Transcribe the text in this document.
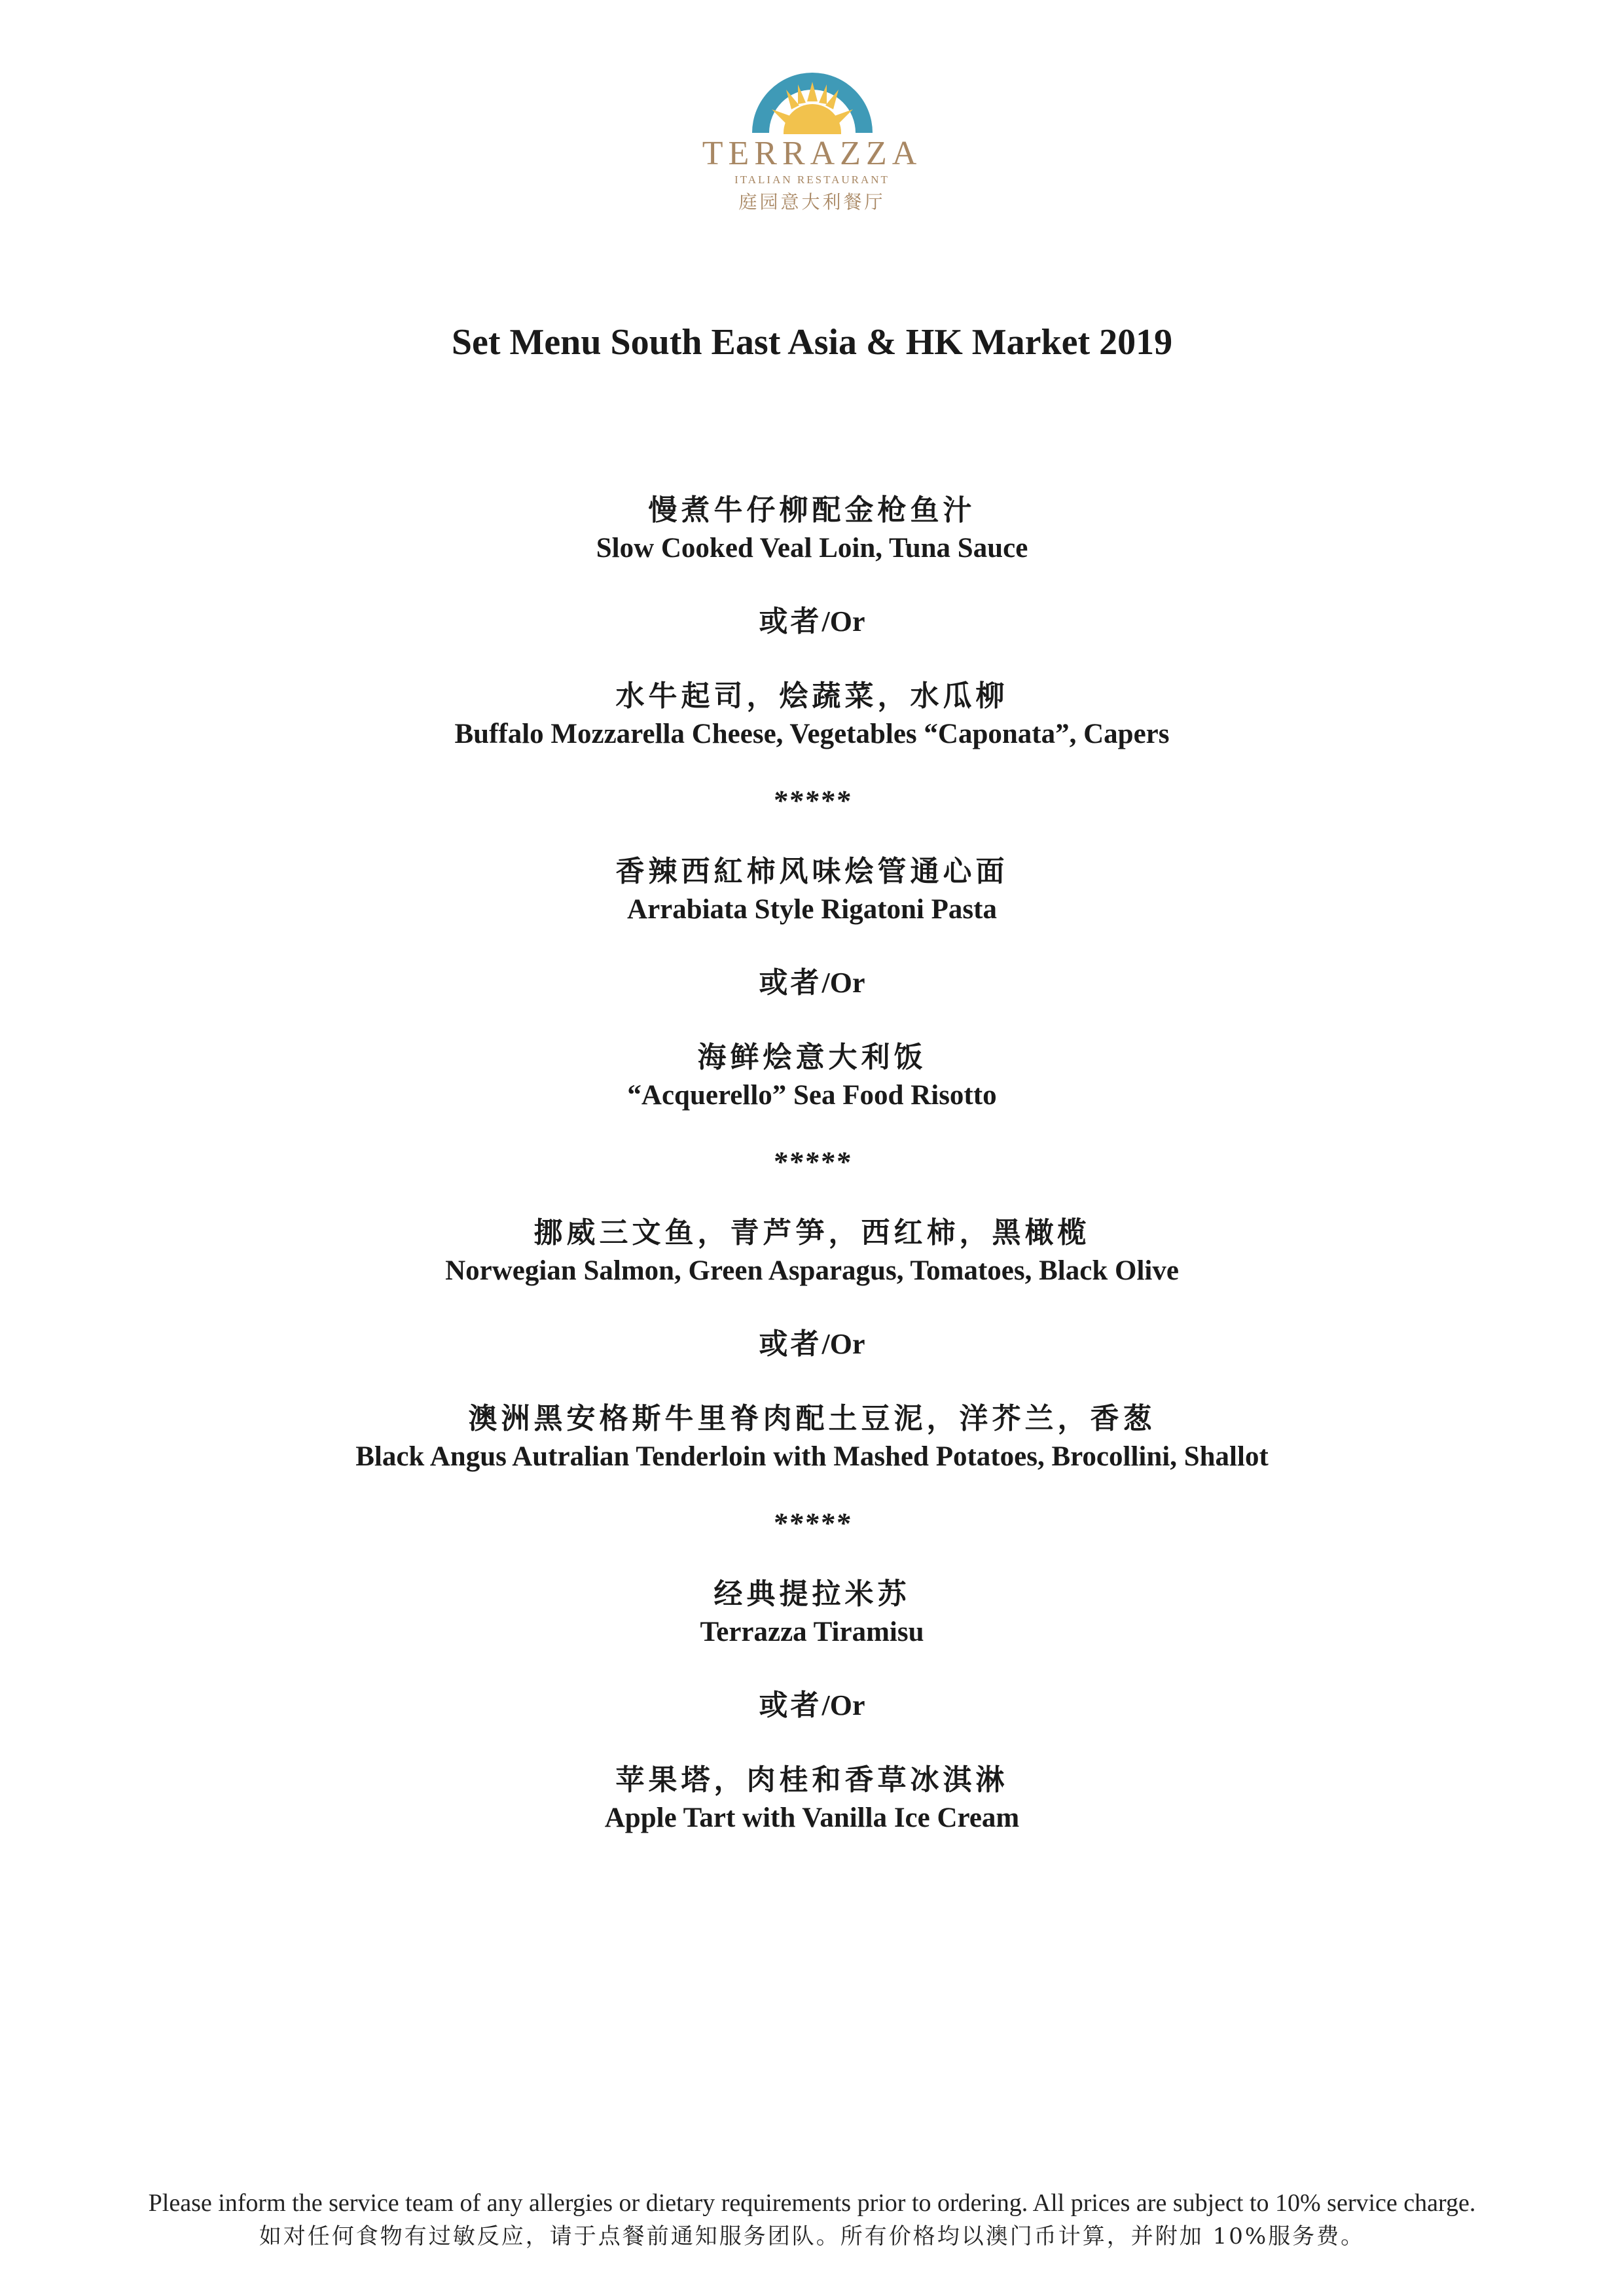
TERRAZZA
ITALIAN RESTAURANT
庭园意大利餐厅
Set Menu South East Asia & HK Market 2019
慢煮牛仔柳配金枪鱼汁
Slow Cooked Veal Loin, Tuna Sauce
或者/Or
水牛起司，烩蔬菜，水瓜柳
Buffalo Mozzarella Cheese, Vegetables “Caponata”, Capers
*****
香辣西紅柿风味烩管通心面
Arrabiata Style Rigatoni Pasta
或者/Or
海鲜烩意大利饭
“Acquerello” Sea Food Risotto
*****
挪威三文鱼，青芦笋，西红柿，黑橄榄
Norwegian Salmon, Green Asparagus, Tomatoes, Black Olive
或者/Or
澳洲黑安格斯牛里脊肉配土豆泥，洋芥兰，香葱
Black Angus Autralian Tenderloin with Mashed Potatoes, Brocollini, Shallot
*****
经典提拉米苏
Terrazza Tiramisu
或者/Or
苹果塔，肉桂和香草冰淇淋
Apple Tart with Vanilla Ice Cream
Please inform the service team of any allergies or dietary requirements prior to ordering. All prices are subject to 10% service charge.
如对任何食物有过敏反应，请于点餐前通知服务团队。所有价格均以澳门币计算，并附加 10%服务费。
